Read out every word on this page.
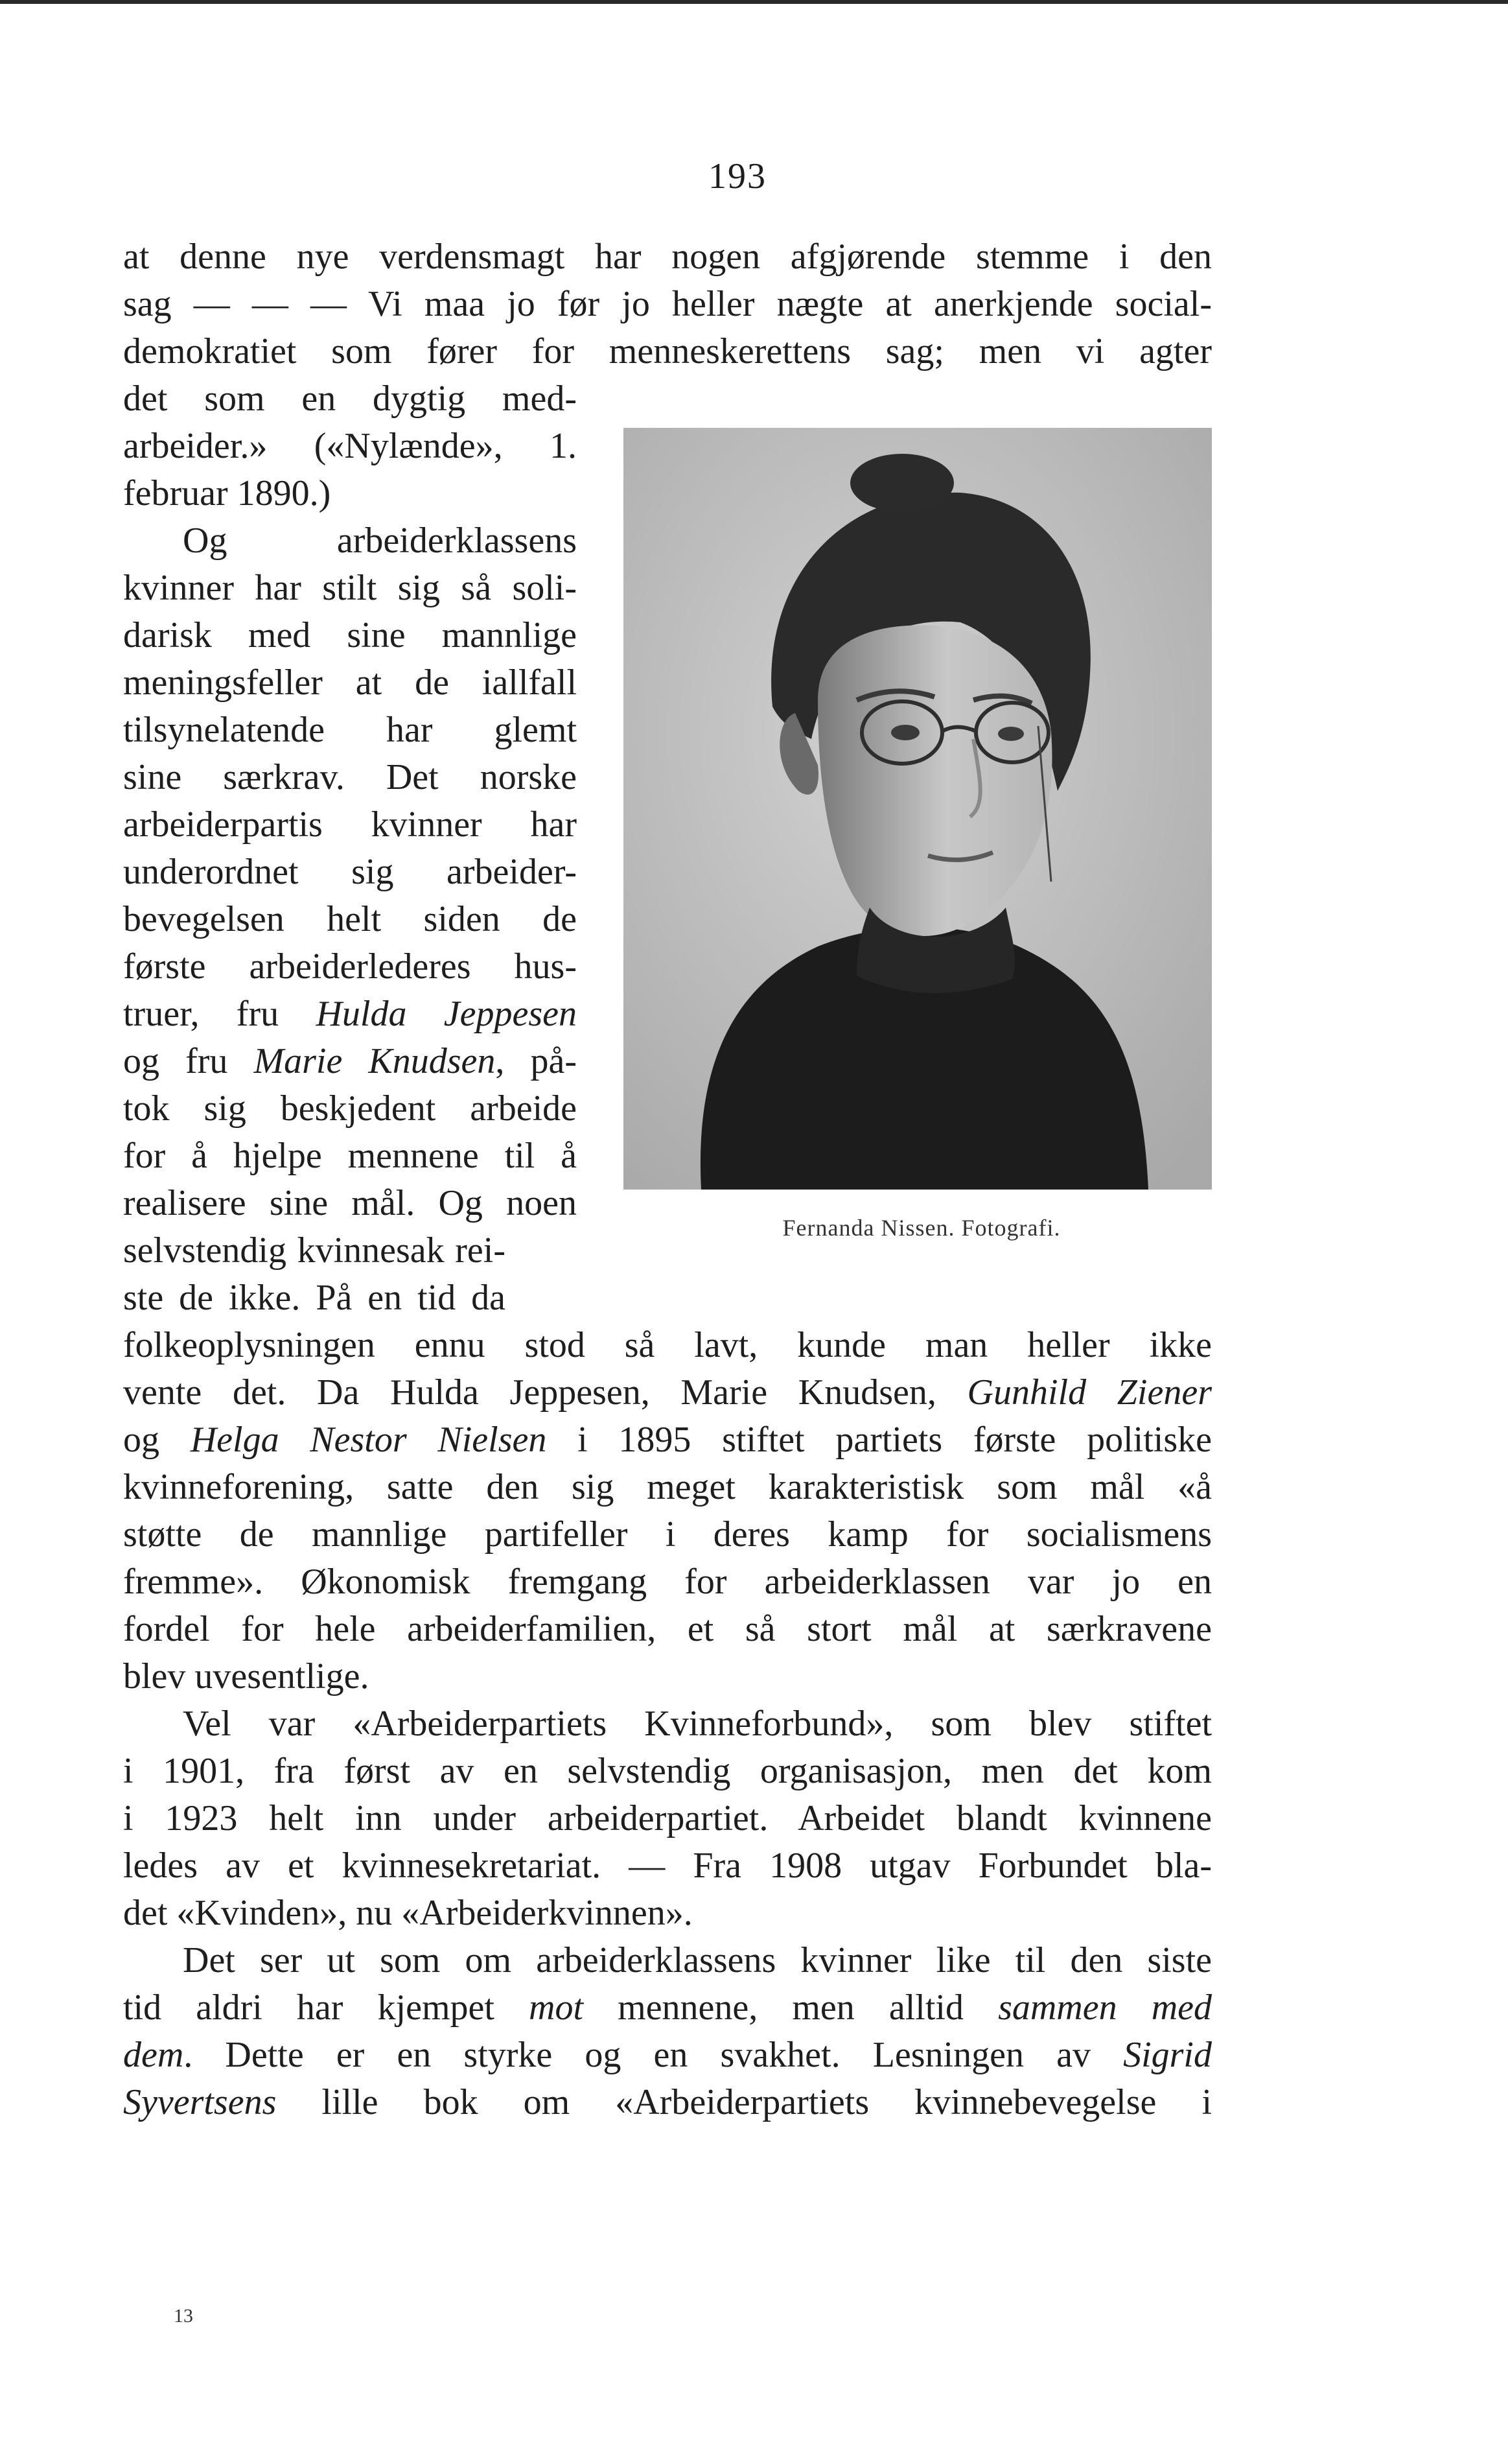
193
at denne nye verdensmagt har nogen afgjørende stemme i den
sag — — — Vi maa jo før jo heller nægte at anerkjende social-
demokratiet som fører for menneskerettens sag; men vi agter
det som en dygtig med-
arbeider.» («Nylænde», 1.
februar 1890.)
Og arbeiderklassens
kvinner har stilt sig så soli-
darisk med sine mannlige
meningsfeller at de iallfall
tilsynelatende har glemt
sine særkrav. Det norske
arbeiderpartis kvinner har
underordnet sig arbeider-
bevegelsen helt siden de
første arbeiderlederes hus-
truer, fru Hulda Jeppesen
og fru Marie Knudsen, på-
tok sig beskjedent arbeide
for å hjelpe mennene til å
realisere sine mål. Og noen
selvstendig kvinnesak rei-
ste de ikke. På en tid da
folkeoplysningen ennu stod så lavt, kunde man heller ikke
vente det. Da Hulda Jeppesen, Marie Knudsen, Gunhild Ziener
og Helga Nestor Nielsen i 1895 stiftet partiets første politiske
kvinneforening, satte den sig meget karakteristisk som mål «å
støtte de mannlige partifeller i deres kamp for socialismens
fremme». Økonomisk fremgang for arbeiderklassen var jo en
fordel for hele arbeiderfamilien, et så stort mål at særkravene
blev uvesentlige.
Vel var «Arbeiderpartiets Kvinneforbund», som blev stiftet
i 1901, fra først av en selvstendig organisasjon, men det kom
i 1923 helt inn under arbeiderpartiet. Arbeidet blandt kvinnene
ledes av et kvinnesekretariat. — Fra 1908 utgav Forbundet bla-
det «Kvinden», nu «Arbeiderkvinnen».
Det ser ut som om arbeiderklassens kvinner like til den siste
tid aldri har kjempet mot mennene, men alltid sammen med
dem. Dette er en styrke og en svakhet. Lesningen av Sigrid
Syvertsens lille bok om «Arbeiderpartiets kvinnebevegelse i
Fernanda Nissen. Fotografi.
13
